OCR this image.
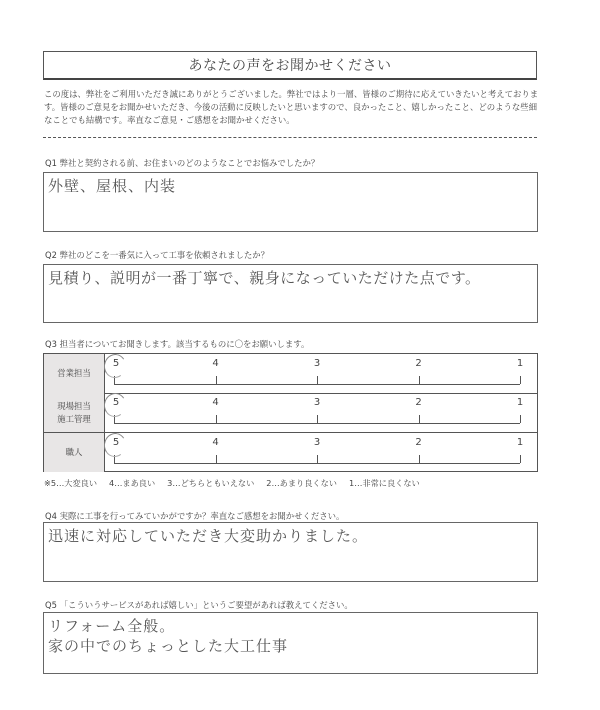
あなたの声をお聞かせください
この度は、弊社をご利用いただき誠にありがとうございました。弊社ではより一層、皆様のご期待に応えていきたいと考えております。皆様のご意見をお聞かせいただき、今後の活動に反映したいと思いますので、良かったこと、嬉しかったこと、どのような些細なことでも結構です。率直なご意見・ご感想をお聞かせください。
Q1 弊社と契約される前、お住まいのどのようなことでお悩みでしたか？
外壁、屋根、内装
Q2 弊社のどこを一番気に入って工事を依頼されましたか？
見積り、説明が一番丁寧で、親身になっていただけた点です。
Q3 担当者についてお聞きします。該当するものに〇をお願いします。
営業担当
5	4	3	2	1
現場担当
施工管理
5	4	3	2	1
職人
5	4	3	2	1
※5…大変良い 4…まあ良い 3…どちらともいえない 2…あまり良くない 1…非常に良くない
Q4 実際に工事を行ってみていかがですか？率直なご感想をお聞かせください。
迅速に対応していただき大変助かりました。
Q5 「こういうサービスがあれば嬉しい」というご要望があれば教えてください。
リフォーム全般。
家の中でのちょっとした大工仕事
